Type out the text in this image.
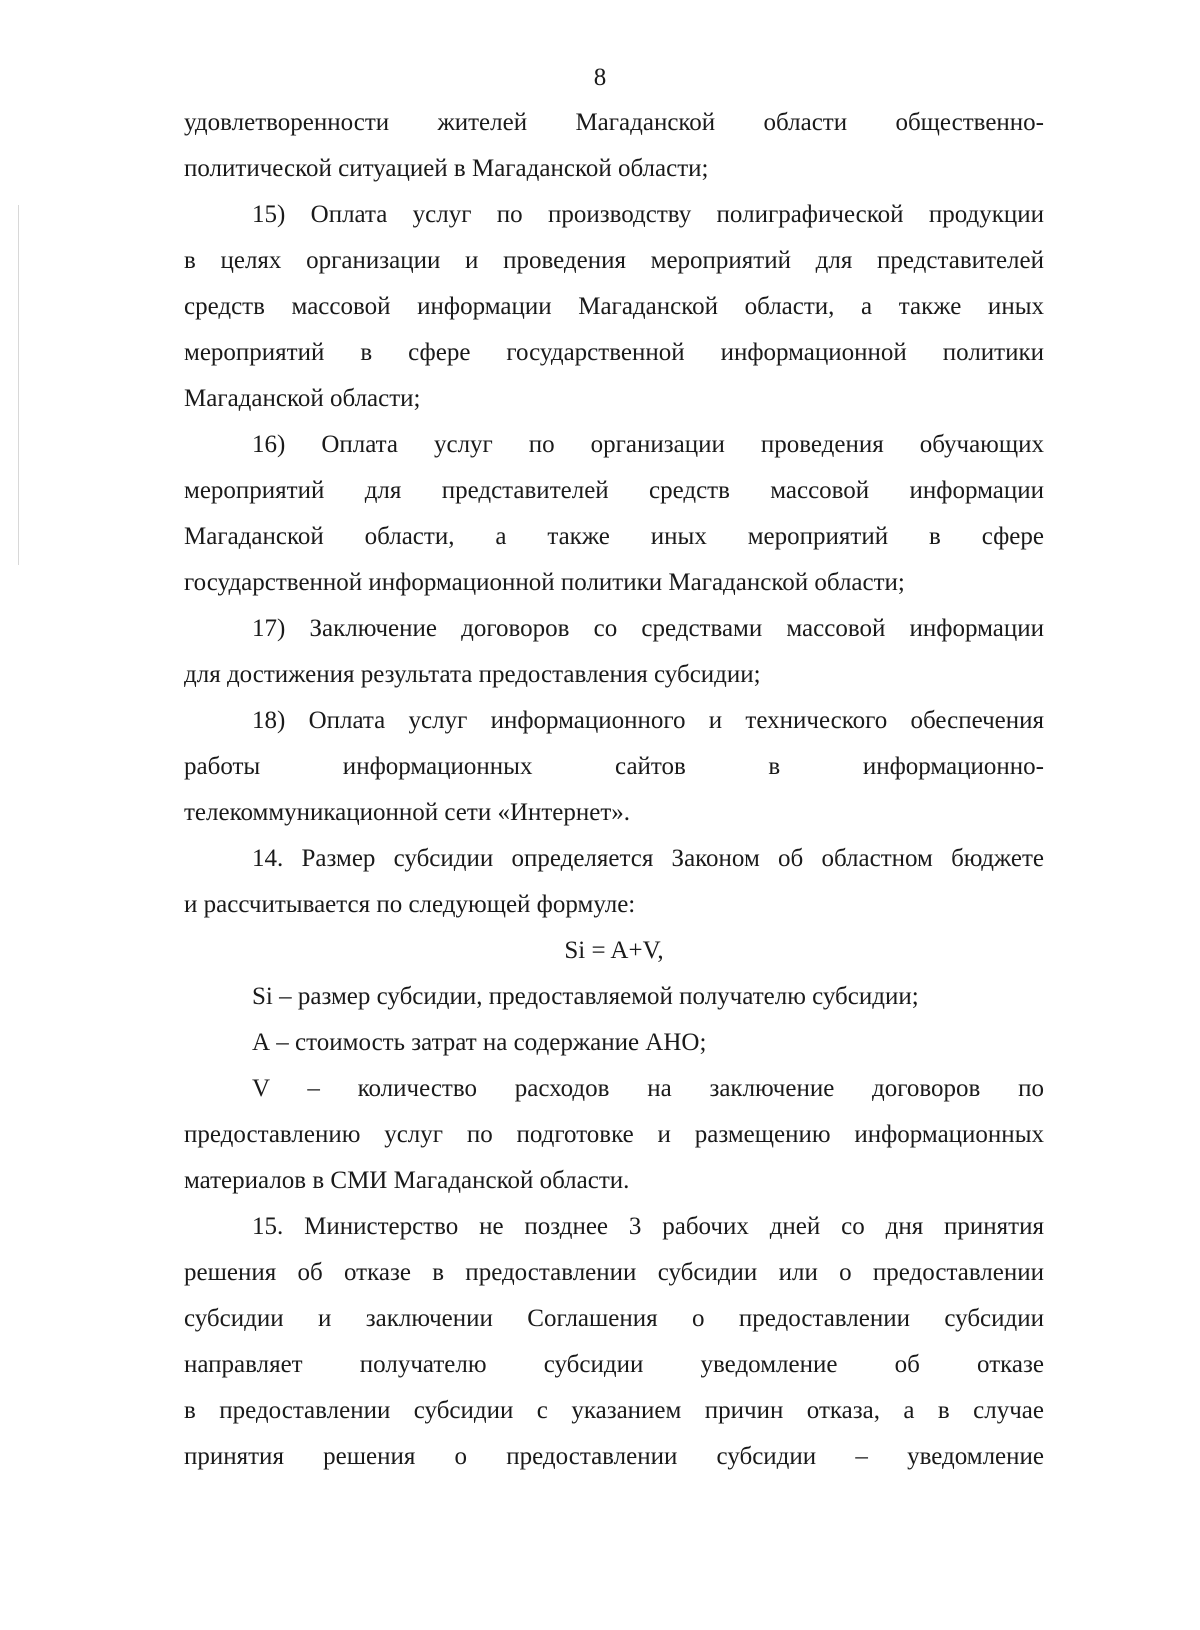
8
удовлетворенности жителей Магаданской области общественно-
политической ситуацией в Магаданской области;
15) Оплата услуг по производству полиграфической продукции
в целях организации и проведения мероприятий для представителей
средств массовой информации Магаданской области, а также иных
мероприятий в сфере государственной информационной политики
Магаданской области;
16) Оплата услуг по организации проведения обучающих
мероприятий для представителей средств массовой информации
Магаданской области, а также иных мероприятий в сфере
государственной информационной политики Магаданской области;
17) Заключение договоров со средствами массовой информации
для достижения результата предоставления субсидии;
18) Оплата услуг информационного и технического обеспечения
работы информационных сайтов в информационно-
телекоммуникационной сети «Интернет».
14. Размер субсидии определяется Законом об областном бюджете
и рассчитывается по следующей формуле:
Si = A+V,
Si – размер субсидии, предоставляемой получателю субсидии;
А – стоимость затрат на содержание АНО;
V – количество расходов на заключение договоров по
предоставлению услуг по подготовке и размещению информационных
материалов в СМИ Магаданской области.
15. Министерство не позднее 3 рабочих дней со дня принятия
решения об отказе в предоставлении субсидии или о предоставлении
субсидии и заключении Соглашения о предоставлении субсидии
направляет получателю субсидии уведомление об отказе
в предоставлении субсидии с указанием причин отказа, а в случае
принятия решения о предоставлении субсидии – уведомление
